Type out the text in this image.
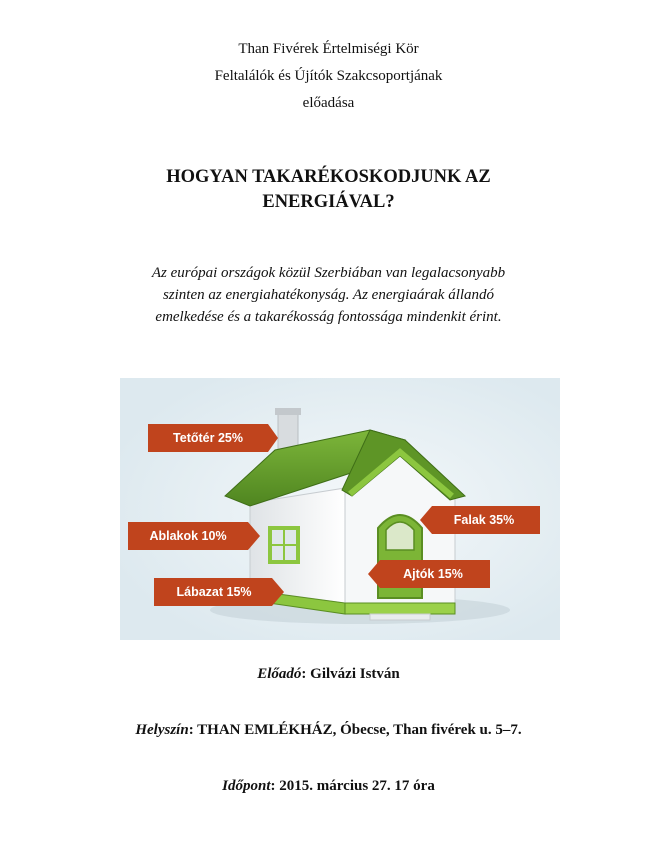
Than Fivérek Értelmiségi Kör
Feltalálók és Újítók Szakcsoportjának
előadása
HOGYAN TAKARÉKOSKODJUNK AZ
ENERGIÁVAL?
Az európai országok közül Szerbiában van legalacsonyabb
szinten az energiahatékonyság. Az energiaárak állandó
emelkedése és a takarékosság fontossága mindenkit érint.
Tetőtér 25%
Ablakok 10%
Falak 35%
Ajtók 15%
Lábazat 15%
Előadó: Gilvázi István
Helyszín: THAN EMLÉKHÁZ, Óbecse, Than fivérek u. 5–7.
Időpont: 2015. március 27. 17 óra
